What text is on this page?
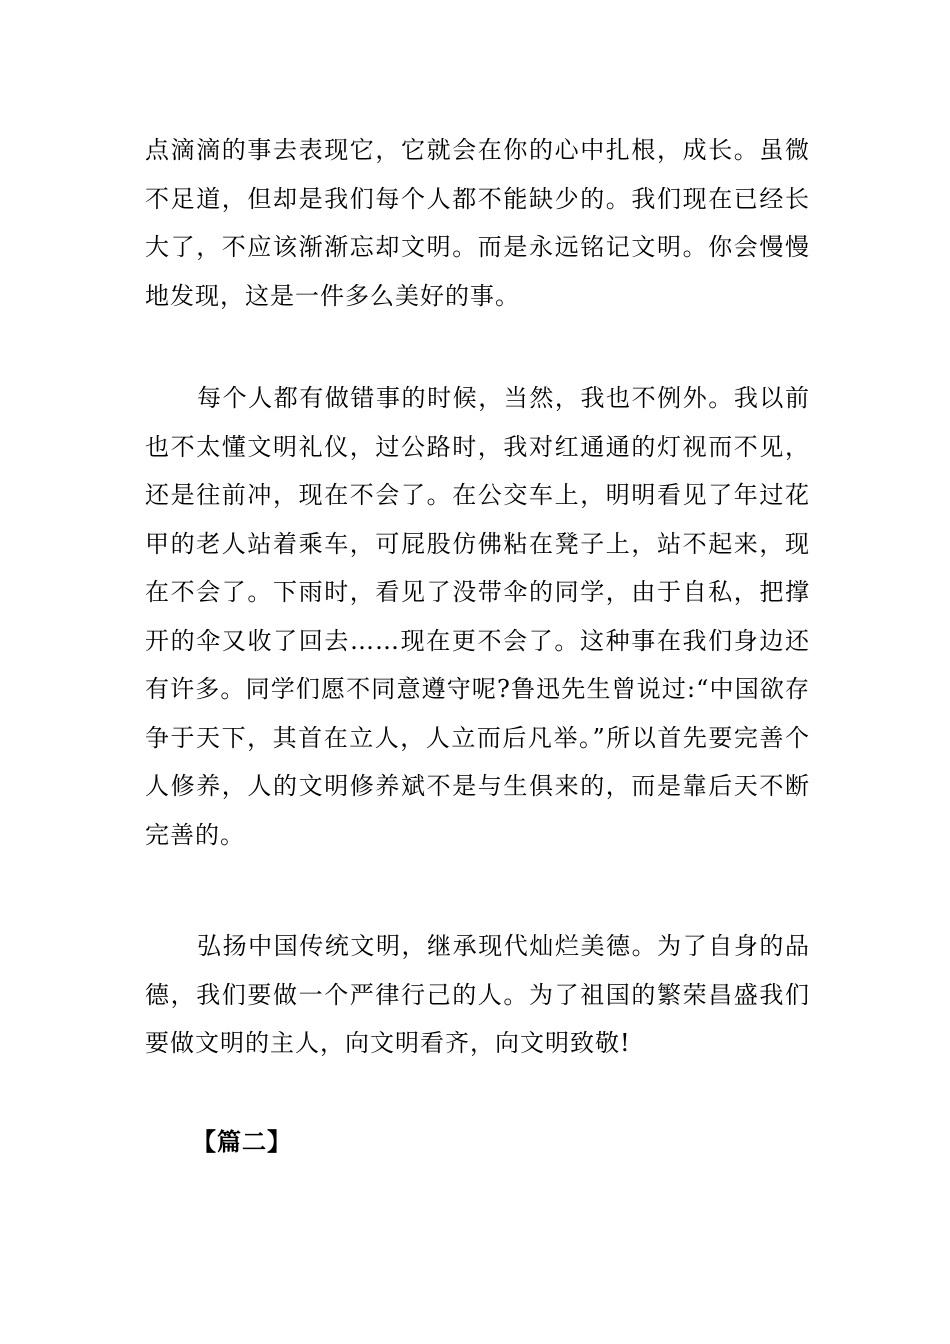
点滴滴的事去表现它，它就会在你的心中扎根，成长。虽微不足道，但却是我们每个人都不能缺少的。我们现在已经长大了，不应该渐渐忘却文明。而是永远铭记文明。你会慢慢地发现，这是一件多么美好的事。

每个人都有做错事的时候，当然，我也不例外。我以前也不太懂文明礼仪，过公路时，我对红通通的灯视而不见，还是往前冲，现在不会了。在公交车上，明明看见了年过花甲的老人站着乘车，可屁股仿佛粘在凳子上，站不起来，现在不会了。下雨时，看见了没带伞的同学，由于自私，把撑开的伞又收了回去……现在更不会了。这种事在我们身边还有许多。同学们愿不同意遵守呢?鲁迅先生曾说过:“中国欲存争于天下，其首在立人，人立而后凡举。”所以首先要完善个人修养，人的文明修养斌不是与生俱来的，而是靠后天不断完善的。

弘扬中国传统文明，继承现代灿烂美德。为了自身的品德，我们要做一个严律行己的人。为了祖国的繁荣昌盛我们要做文明的主人，向文明看齐，向文明致敬!

【篇二】
